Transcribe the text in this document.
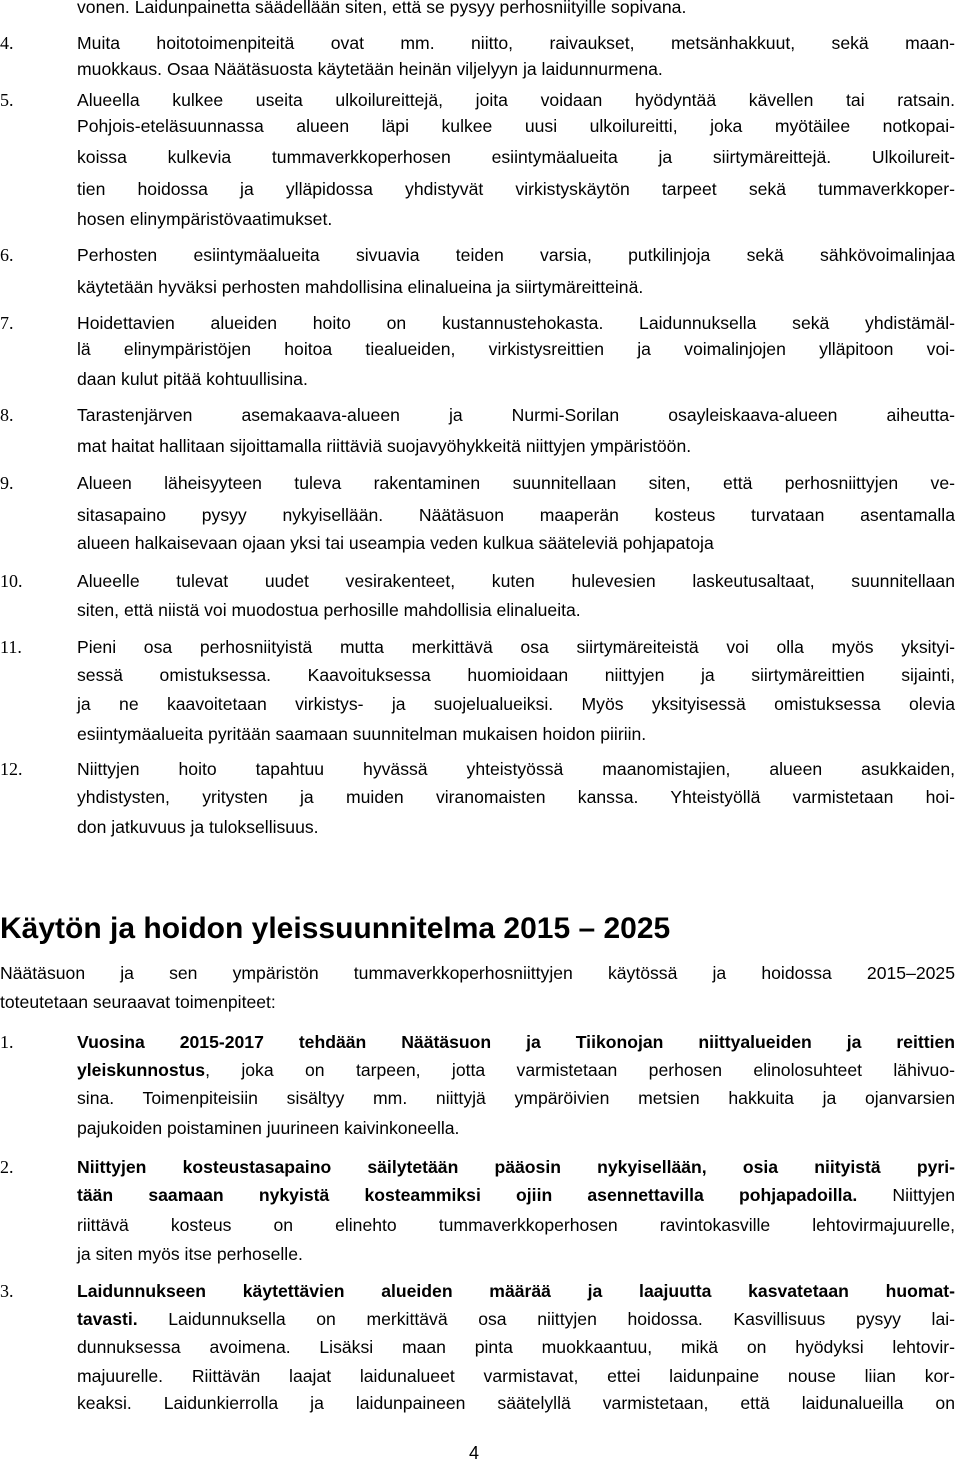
vonen. Laidunpainetta säädellään siten, että se pysyy perhosniityille sopivana.
4.	Muita hoitotoimenpiteitä ovat mm. niitto, raivaukset, metsänhakkuut, sekä maan-
muokkaus. Osaa Näätäsuosta käytetään heinän viljelyyn ja laidunnurmena.
5.	Alueella kulkee useita ulkoilureittejä, joita voidaan hyödyntää kävellen tai ratsain.
Pohjois-eteläsuunnassa alueen läpi kulkee uusi ulkoilureitti, joka myötäilee notkopai-
koissa kulkevia tummaverkkoperhosen esiintymäalueita ja siirtymäreittejä. Ulkoilureit-
tien hoidossa ja ylläpidossa yhdistyvät virkistyskäytön tarpeet sekä tummaverkkoper-
hosen elinympäristövaatimukset.
6.	Perhosten esiintymäalueita sivuavia teiden varsia, putkilinjoja sekä sähkövoimalinjaa
käytetään hyväksi perhosten mahdollisina elinalueina ja siirtymäreitteinä.
7.	Hoidettavien alueiden hoito on kustannustehokasta. Laidunnuksella sekä yhdistämäl-
lä elinympäristöjen hoitoa tiealueiden, virkistysreittien ja voimalinjojen ylläpitoon voi-
daan kulut pitää kohtuullisina.
8.	Tarastenjärven asemakaava-alueen ja Nurmi-Sorilan osayleiskaava-alueen aiheutta-
mat haitat hallitaan sijoittamalla riittäviä suojavyöhykkeitä niittyjen ympäristöön.
9.	Alueen läheisyyteen tuleva rakentaminen suunnitellaan siten, että perhosniittyjen ve-
sitasapaino pysyy nykyisellään. Näätäsuon maaperän kosteus turvataan asentamalla
alueen halkaisevaan ojaan yksi tai useampia veden kulkua sääteleviä pohjapatoja
10.	Alueelle tulevat uudet vesirakenteet, kuten hulevesien laskeutusaltaat, suunnitellaan
siten, että niistä voi muodostua perhosille mahdollisia elinalueita.
11.	Pieni osa perhosniityistä mutta merkittävä osa siirtymäreiteistä voi olla myös yksityi-
sessä omistuksessa. Kaavoituksessa huomioidaan niittyjen ja siirtymäreittien sijainti,
ja ne kaavoitetaan virkistys- ja suojelualueiksi. Myös yksityisessä omistuksessa olevia
esiintymäalueita pyritään saamaan suunnitelman mukaisen hoidon piiriin.
12.	Niittyjen hoito tapahtuu hyvässä yhteistyössä maanomistajien, alueen asukkaiden,
yhdistysten, yritysten ja muiden viranomaisten kanssa. Yhteistyöllä varmistetaan hoi-
don jatkuvuus ja tuloksellisuus.
Näätäsuon ja sen ympäristön tummaverkkoperhosniittyjen käytössä ja hoidossa 2015–2025
toteutetaan seuraavat toimenpiteet:
1.	Vuosina 2015-2017 tehdään Näätäsuon ja Tiikonojan niittyalueiden ja reittien
yleiskunnostus, joka on tarpeen, jotta varmistetaan perhosen elinolosuhteet lähivuo-
sina. Toimenpiteisiin sisältyy mm. niittyjä ympäröivien metsien hakkuita ja ojanvarsien
pajukoiden poistaminen juurineen kaivinkoneella.
2.	Niittyjen kosteustasapaino säilytetään pääosin nykyisellään, osia niityistä pyri-
tään saamaan nykyistä kosteammiksi ojiin asennettavilla pohjapadoilla. Niittyjen
riittävä kosteus on elinehto tummaverkkoperhosen ravintokasville lehtovirmajuurelle,
ja siten myös itse perhoselle.
3.	Laidunnukseen käytettävien alueiden määrää ja laajuutta kasvatetaan huomat-
tavasti. Laidunnuksella on merkittävä osa niittyjen hoidossa. Kasvillisuus pysyy lai-
dunnuksessa avoimena. Lisäksi maan pinta muokkaantuu, mikä on hyödyksi lehtovir-
majuurelle. Riittävän laajat laidunalueet varmistavat, ettei laidunpaine nouse liian kor-
keaksi. Laidunkierrolla ja laidunpaineen säätelyllä varmistetaan, että laidunalueilla on
Käytön ja hoidon yleissuunnitelma 2015 – 2025
4
